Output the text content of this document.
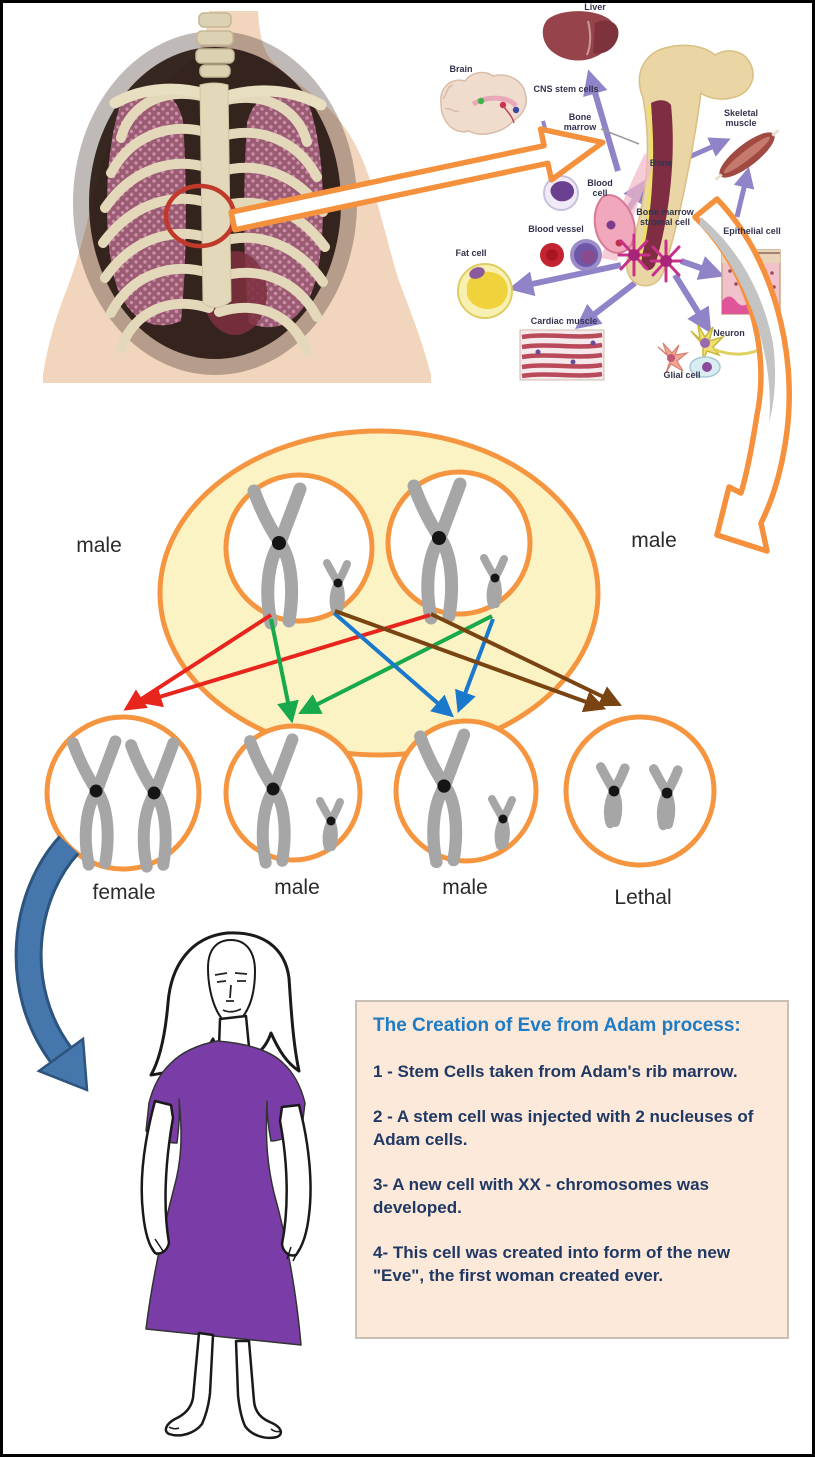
Liver
Brain
CNS stem cells
Bone marrow
Bone
Skeletal muscle
Blood cell
Blood vessel
Bone marrow stromal cell
Fat cell
Cardiac muscle
Epithelial cell
Neuron
Glial cell
male	male
female	male	male	Lethal
The Creation of Eve from Adam process:

1 - Stem Cells taken from Adam's rib marrow.

2 - A stem cell was injected with 2 nucleuses of Adam cells.

3- A new cell with XX - chromosomes was developed.

4- This cell was created into form of the new "Eve", the first woman created ever.
